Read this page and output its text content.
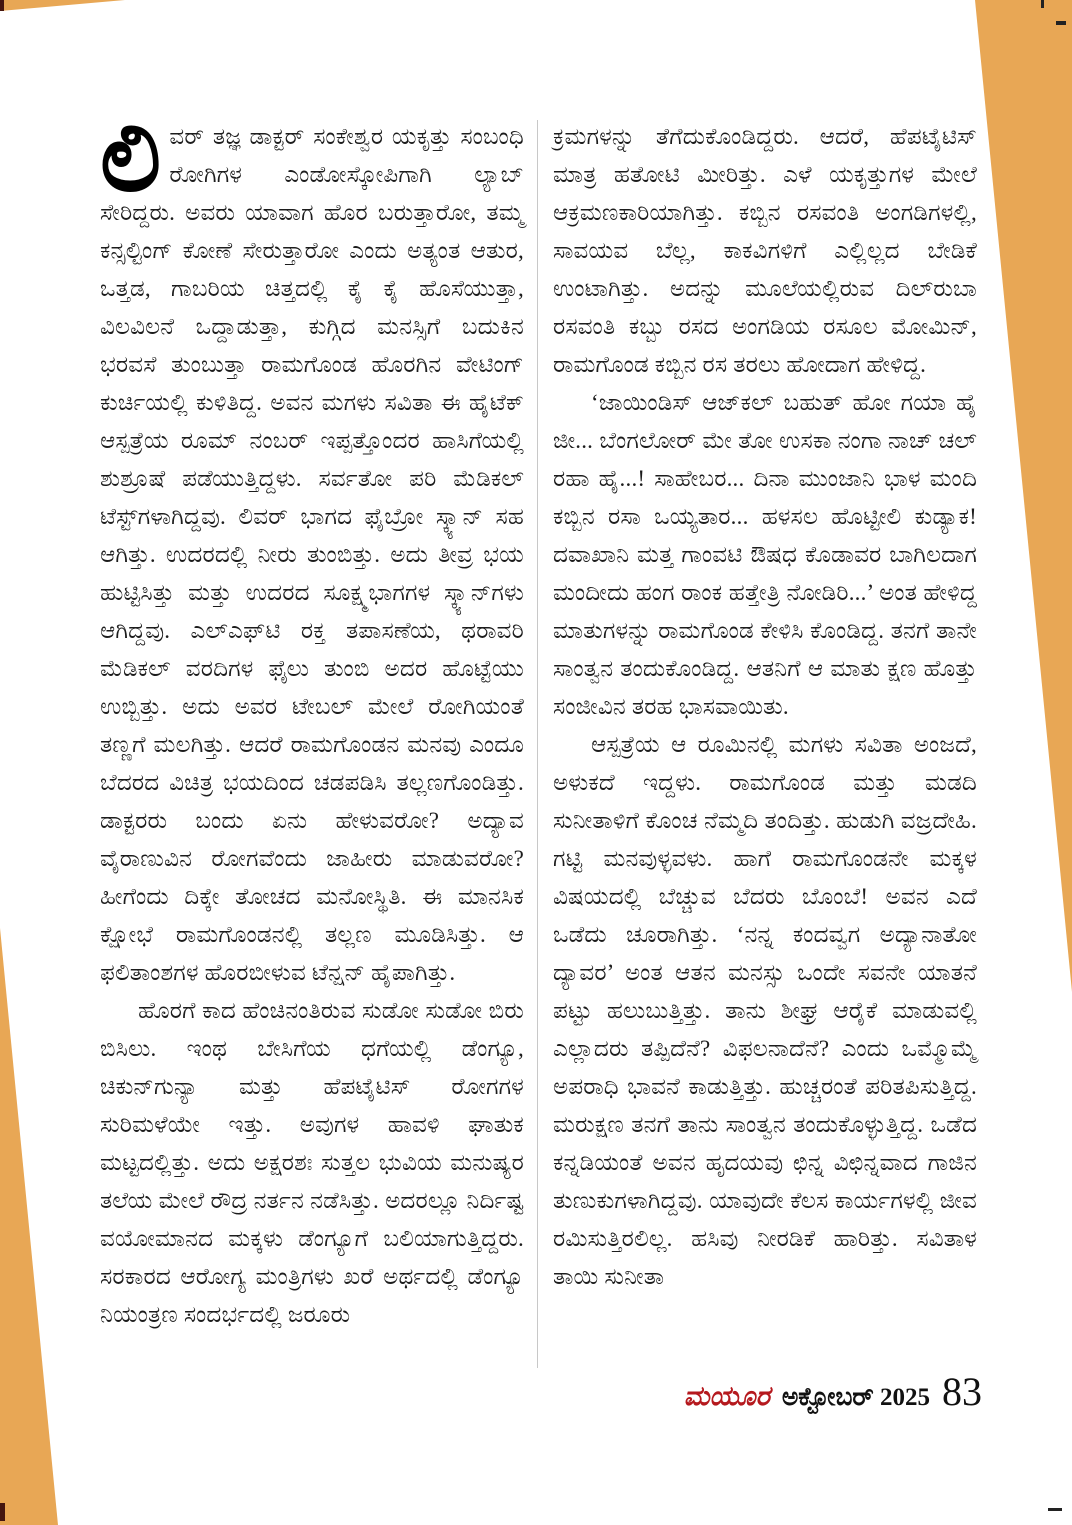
ಲಿವರ್ ತಜ್ಞ ಡಾಕ್ಟರ್ ಸಂಕೇಶ್ವರ ಯಕೃತ್ತು ಸಂಬಂಧಿ ರೋಗಿಗಳ ಎಂಡೋಸ್ಕೋಪಿಗಾಗಿ ಲ್ಯಾಬ್ ಸೇರಿದ್ದರು. ಅವರು ಯಾವಾಗ ಹೊರ ಬರುತ್ತಾರೋ, ತಮ್ಮ ಕನ್ಸಲ್ಟಿಂಗ್ ಕೋಣೆ ಸೇರುತ್ತಾರೋ ಎಂದು ಅತ್ಯಂತ ಆತುರ, ಒತ್ತಡ, ಗಾಬರಿಯ ಚಿತ್ತದಲ್ಲಿ ಕೈ ಕೈ ಹೊಸೆಯುತ್ತಾ, ವಿಲವಿಲನೆ ಒದ್ದಾಡುತ್ತಾ, ಕುಗ್ಗಿದ ಮನಸ್ಸಿಗೆ ಬದುಕಿನ ಭರವಸೆ ತುಂಬುತ್ತಾ ರಾಮಗೊಂಡ ಹೊರಗಿನ ವೇಟಿಂಗ್ ಕುರ್ಚಿಯಲ್ಲಿ ಕುಳಿತಿದ್ದ. ಅವನ ಮಗಳು ಸವಿತಾ ಈ ಹೈಟೆಕ್ ಆಸ್ಪತ್ರೆಯ ರೂಮ್ ನಂಬರ್ ಇಪ್ಪತ್ತೊಂದರ ಹಾಸಿಗೆಯಲ್ಲಿ ಶುಶ್ರೂಷೆ ಪಡೆಯುತ್ತಿದ್ದಳು. ಸರ್ವತೋ ಪರಿ ಮೆಡಿಕಲ್ ಟೆಸ್ಟ್‌ಗಳಾಗಿದ್ದವು. ಲಿವರ್ ಭಾಗದ ಫೈಬ್ರೋ ಸ್ಕ್ಯಾನ್ ಸಹ ಆಗಿತ್ತು. ಉದರದಲ್ಲಿ ನೀರು ತುಂಬಿತ್ತು. ಅದು ತೀವ್ರ ಭಯ ಹುಟ್ಟಿಸಿತ್ತು ಮತ್ತು ಉದರದ ಸೂಕ್ಷ್ಮಭಾಗಗಳ ಸ್ಕ್ಯಾನ್‌ಗಳು ಆಗಿದ್ದವು. ಎಲ್‌ಎಫ್‌ಟಿ ರಕ್ತ ತಪಾಸಣೆಯ, ಥರಾವರಿ ಮೆಡಿಕಲ್ ವರದಿಗಳ ಫೈಲು ತುಂಬಿ ಅದರ ಹೊಟ್ಟೆಯು ಉಬ್ಬಿತ್ತು. ಅದು ಅವರ ಟೇಬಲ್ ಮೇಲೆ ರೋಗಿಯಂತೆ ತಣ್ಣಗೆ ಮಲಗಿತ್ತು. ಆದರೆ ರಾಮಗೊಂಡನ ಮನವು ಎಂದೂ ಬೆದರದ ವಿಚಿತ್ರ ಭಯದಿಂದ ಚಡಪಡಿಸಿ ತಲ್ಲಣಗೊಂಡಿತ್ತು. ಡಾಕ್ಟರರು ಬಂದು ಏನು ಹೇಳುವರೋ? ಅದ್ಯಾವ ವೈರಾಣುವಿನ ರೋಗವೆಂದು ಜಾಹೀರು ಮಾಡುವರೋ? ಹೀಗೆಂದು ದಿಕ್ಕೇ ತೋಚದ ಮನೋಸ್ಥಿತಿ. ಈ ಮಾನಸಿಕ ಕ್ಷೋಭೆ ರಾಮಗೊಂಡನಲ್ಲಿ ತಲ್ಲಣ ಮೂಡಿಸಿತ್ತು. ಆ ಫಲಿತಾಂಶಗಳ ಹೊರಬೀಳುವ ಟೆನ್ಷನ್ ಹೈಪಾಗಿತ್ತು.

ಹೊರಗೆ ಕಾದ ಹೆಂಚಿನಂತಿರುವ ಸುಡೋ ಸುಡೋ ಬಿರು ಬಿಸಿಲು. ಇಂಥ ಬೇಸಿಗೆಯ ಧಗೆಯಲ್ಲಿ ಡೆಂಗ್ಯೂ, ಚಿಕುನ್‌ಗುನ್ಯಾ ಮತ್ತು ಹೆಪಟೈಟಿಸ್ ರೋಗಗಳ ಸುರಿಮಳೆಯೇ ಇತ್ತು. ಅವುಗಳ ಹಾವಳಿ ಘಾತುಕ ಮಟ್ಟದಲ್ಲಿತ್ತು. ಅದು ಅಕ್ಷರಶಃ ಸುತ್ತಲ ಭುವಿಯ ಮನುಷ್ಯರ ತಲೆಯ ಮೇಲೆ ರೌದ್ರ ನರ್ತನ ನಡೆಸಿತ್ತು. ಅದರಲ್ಲೂ ನಿರ್ದಿಷ್ಟ ವಯೋಮಾನದ ಮಕ್ಕಳು ಡೆಂಗ್ಯೂಗೆ ಬಲಿಯಾಗುತ್ತಿದ್ದರು. ಸರಕಾರದ ಆರೋಗ್ಯ ಮಂತ್ರಿಗಳು ಖರೆ ಅರ್ಥದಲ್ಲಿ ಡೆಂಗ್ಯೂ ನಿಯಂತ್ರಣ ಸಂದರ್ಭದಲ್ಲಿ ಜರೂರು

ಕ್ರಮಗಳನ್ನು ತೆಗೆದುಕೊಂಡಿದ್ದರು. ಆದರೆ, ಹೆಪಟೈಟಿಸ್ ಮಾತ್ರ ಹತೋಟಿ ಮೀರಿತ್ತು. ಎಳೆ ಯಕೃತ್ತುಗಳ ಮೇಲೆ ಆಕ್ರಮಣಕಾರಿಯಾಗಿತ್ತು. ಕಬ್ಬಿನ ರಸವಂತಿ ಅಂಗಡಿಗಳಲ್ಲಿ, ಸಾವಯವ ಬೆಲ್ಲ, ಕಾಕವಿಗಳಿಗೆ ಎಲ್ಲಿಲ್ಲದ ಬೇಡಿಕೆ ಉಂಟಾಗಿತ್ತು. ಅದನ್ನು ಮೂಲೆಯಲ್ಲಿರುವ ದಿಲ್‌ರುಬಾ ರಸವಂತಿ ಕಬ್ಬು ರಸದ ಅಂಗಡಿಯ ರಸೂಲ ಮೋಮಿನ್, ರಾಮಗೊಂಡ ಕಬ್ಬಿನ ರಸ ತರಲು ಹೋದಾಗ ಹೇಳಿದ್ದ.

‘ಜಾಯಿಂಡಿಸ್ ಆಜ್‌ಕಲ್ ಬಹುತ್ ಹೋ ಗಯಾ ಹೈ ಜೀ... ಬೆಂಗಲೋರ್ ಮೇ ತೋ ಉಸಕಾ ನಂಗಾ ನಾಚ್ ಚಲ್ ರಹಾ ಹೈ...! ಸಾಹೇಬರ... ದಿನಾ ಮುಂಜಾನಿ ಭಾಳ ಮಂದಿ ಕಬ್ಬಿನ ರಸಾ ಒಯ್ಯತಾರ... ಹಳಸಲ ಹೊಟ್ಟೀಲಿ ಕುಡ್ಯಾಕ! ದವಾಖಾನಿ ಮತ್ತ ಗಾಂವಟಿ ಔಷಧ ಕೊಡಾವರ ಬಾಗಿಲದಾಗ ಮಂದೀದು ಹಂಗ ರಾಂಕ ಹತ್ತೇತ್ರಿ ನೋಡಿರಿ...’ ಅಂತ ಹೇಳಿದ್ದ ಮಾತುಗಳನ್ನು ರಾಮಗೊಂಡ ಕೇಳಿಸಿ ಕೊಂಡಿದ್ದ. ತನಗೆ ತಾನೇ ಸಾಂತ್ವನ ತಂದುಕೊಂಡಿದ್ದ. ಆತನಿಗೆ ಆ ಮಾತು ಕ್ಷಣ ಹೊತ್ತು ಸಂಜೀವಿನ ತರಹ ಭಾಸವಾಯಿತು.

ಆಸ್ಪತ್ರೆಯ ಆ ರೂಮಿನಲ್ಲಿ ಮಗಳು ಸವಿತಾ ಅಂಜದೆ, ಅಳುಕದೆ ಇದ್ದಳು. ರಾಮಗೊಂಡ ಮತ್ತು ಮಡದಿ ಸುನೀತಾಳಿಗೆ ಕೊಂಚ ನೆಮ್ಮದಿ ತಂದಿತ್ತು. ಹುಡುಗಿ ವಜ್ರದೇಹಿ. ಗಟ್ಟಿ ಮನವುಳ್ಳವಳು. ಹಾಗೆ ರಾಮಗೊಂಡನೇ ಮಕ್ಕಳ ವಿಷಯದಲ್ಲಿ ಬೆಚ್ಚುವ ಬೆದರು ಬೊಂಬೆ! ಅವನ ಎದೆ ಒಡೆದು ಚೂರಾಗಿತ್ತು. ‘ನನ್ನ ಕಂದವ್ವಗ ಅದ್ಯಾನಾತೋ ದ್ಯಾವರ’ ಅಂತ ಆತನ ಮನಸ್ಸು ಒಂದೇ ಸವನೇ ಯಾತನೆ ಪಟ್ಟು ಹಲುಬುತ್ತಿತ್ತು. ತಾನು ಶೀಘ್ರ ಆರೈಕೆ ಮಾಡುವಲ್ಲಿ ಎಲ್ಲಾದರು ತಪ್ಪಿದೆನೆ? ವಿಫಲನಾದೆನೆ? ಎಂದು ಒಮ್ಮೊಮ್ಮೆ ಅಪರಾಧಿ ಭಾವನೆ ಕಾಡುತ್ತಿತ್ತು. ಹುಚ್ಚರಂತೆ ಪರಿತಪಿಸುತ್ತಿದ್ದ. ಮರುಕ್ಷಣ ತನಗೆ ತಾನು ಸಾಂತ್ವನ ತಂದುಕೊಳ್ಳುತ್ತಿದ್ದ. ಒಡೆದ ಕನ್ನಡಿಯಂತೆ ಅವನ ಹೃದಯವು ಛಿನ್ನ ವಿಛಿನ್ನವಾದ ಗಾಜಿನ ತುಣುಕುಗಳಾಗಿದ್ದವು. ಯಾವುದೇ ಕೆಲಸ ಕಾರ್ಯಗಳಲ್ಲಿ ಜೀವ ರಮಿಸುತ್ತಿರಲಿಲ್ಲ. ಹಸಿವು ನೀರಡಿಕೆ ಹಾರಿತ್ತು. ಸವಿತಾಳ ತಾಯಿ ಸುನೀತಾ

ಮಯೂರ ಅಕ್ಟೋಬರ್ 2025 83
